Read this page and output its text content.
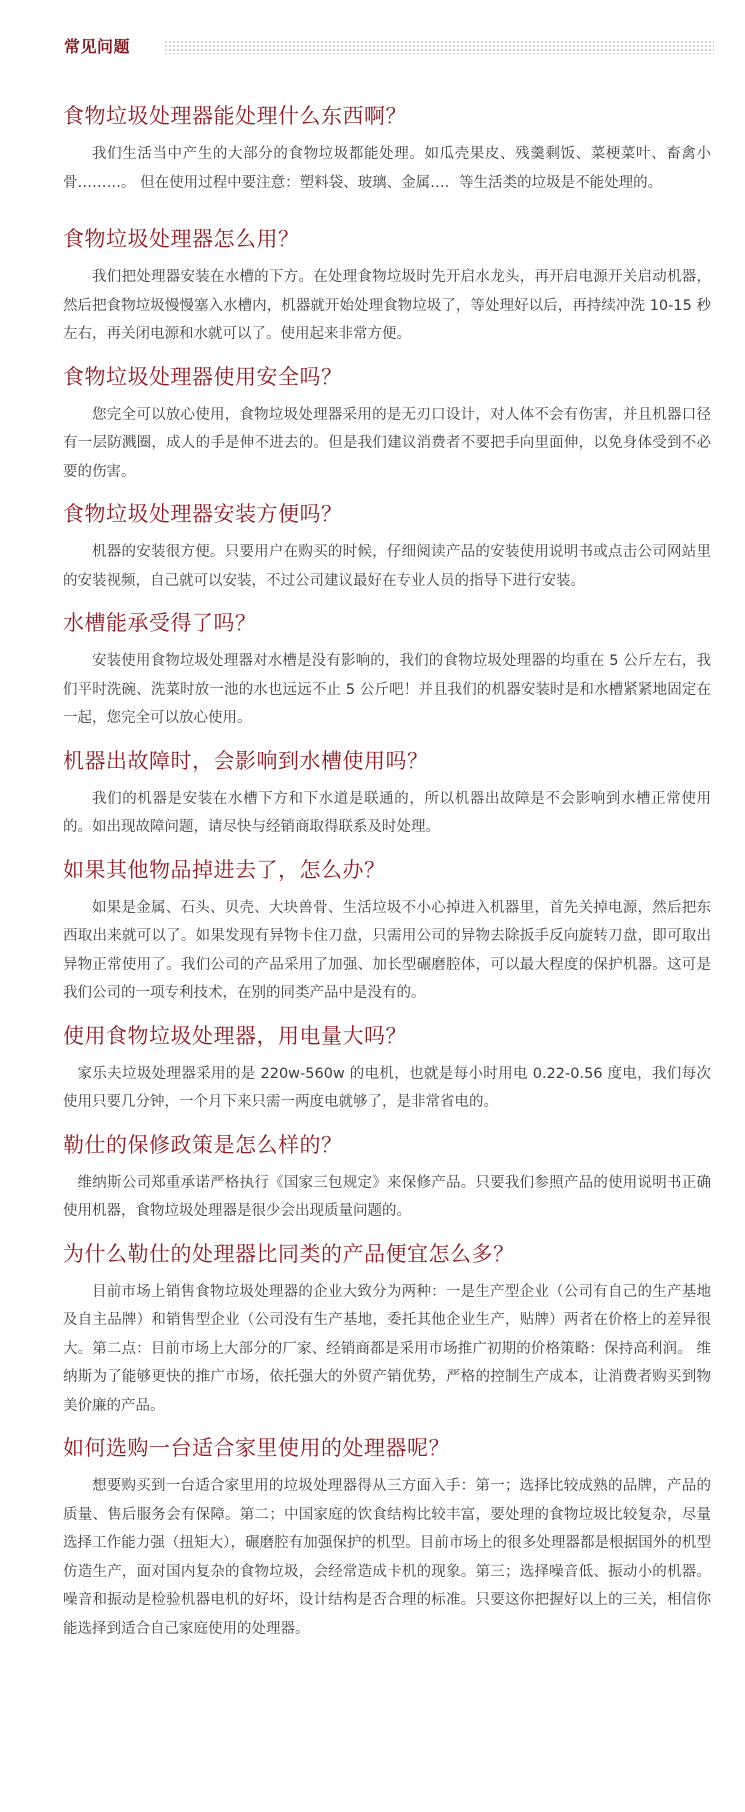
常见问题
食物垃圾处理器能处理什么东西啊？

我们生活当中产生的大部分的食物垃圾都能处理。如瓜壳果皮、残羹剩饭、菜梗菜叶、畜禽小骨………。 但在使用过程中要注意：塑料袋、玻璃、金属…．等生活类的垃圾是不能处理的。

食物垃圾处理器怎么用？

我们把处理器安装在水槽的下方。在处理食物垃圾时先开启水龙头，再开启电源开关启动机器，然后把食物垃圾慢慢塞入水槽内，机器就开始处理食物垃圾了，等处理好以后，再持续冲洗 10-15 秒左右，再关闭电源和水就可以了。使用起来非常方便。

食物垃圾处理器使用安全吗？

您完全可以放心使用，食物垃圾处理器采用的是无刃口设计，对人体不会有伤害，并且机器口径有一层防溅圈，成人的手是伸不进去的。但是我们建议消费者不要把手向里面伸，以免身体受到不必要的伤害。

食物垃圾处理器安装方便吗？

机器的安装很方便。只要用户在购买的时候，仔细阅读产品的安装使用说明书或点击公司网站里的安装视频，自己就可以安装，不过公司建议最好在专业人员的指导下进行安装。

水槽能承受得了吗？

安装使用食物垃圾处理器对水槽是没有影响的，我们的食物垃圾处理器的均重在 5 公斤左右，我们平时洗碗、洗菜时放一池的水也远远不止 5 公斤吧！并且我们的机器安装时是和水槽紧紧地固定在一起，您完全可以放心使用。

机器出故障时，会影响到水槽使用吗？

我们的机器是安装在水槽下方和下水道是联通的，所以机器出故障是不会影响到水槽正常使用的。如出现故障问题，请尽快与经销商取得联系及时处理。

如果其他物品掉进去了，怎么办？

如果是金属、石头、贝壳、大块兽骨、生活垃圾不小心掉进入机器里，首先关掉电源，然后把东西取出来就可以了。如果发现有异物卡住刀盘，只需用公司的异物去除扳手反向旋转刀盘，即可取出异物正常使用了。我们公司的产品采用了加强、加长型碾磨腔体，可以最大程度的保护机器。这可是我们公司的一项专利技术，在别的同类产品中是没有的。

使用食物垃圾处理器，用电量大吗？

家乐夫垃圾处理器采用的是 220w-560w 的电机，也就是每小时用电 0.22-0.56 度电，我们每次使用只要几分钟，一个月下来只需一两度电就够了，是非常省电的。

勒仕的保修政策是怎么样的？

维纳斯公司郑重承诺严格执行《国家三包规定》来保修产品。只要我们参照产品的使用说明书正确使用机器，食物垃圾处理器是很少会出现质量问题的。

为什么勒仕的处理器比同类的产品便宜怎么多？

目前市场上销售食物垃圾处理器的企业大致分为两种：一是生产型企业（公司有自己的生产基地及自主品牌）和销售型企业（公司没有生产基地，委托其他企业生产，贴牌）两者在价格上的差异很大。第二点：目前市场上大部分的厂家、经销商都是采用市场推广初期的价格策略：保持高利润。 维纳斯为了能够更快的推广市场，依托强大的外贸产销优势，严格的控制生产成本，让消费者购买到物美价廉的产品。

如何选购一台适合家里使用的处理器呢？

想要购买到一台适合家里用的垃圾处理器得从三方面入手：第一；选择比较成熟的品牌，产品的质量、售后服务会有保障。第二；中国家庭的饮食结构比较丰富，要处理的食物垃圾比较复杂，尽量选择工作能力强（扭矩大），碾磨腔有加强保护的机型。目前市场上的很多处理器都是根据国外的机型仿造生产，面对国内复杂的食物垃圾，会经常造成卡机的现象。第三；选择噪音低、振动小的机器。噪音和振动是检验机器电机的好坏，设计结构是否合理的标准。只要这你把握好以上的三关，相信你能选择到适合自己家庭使用的处理器。
